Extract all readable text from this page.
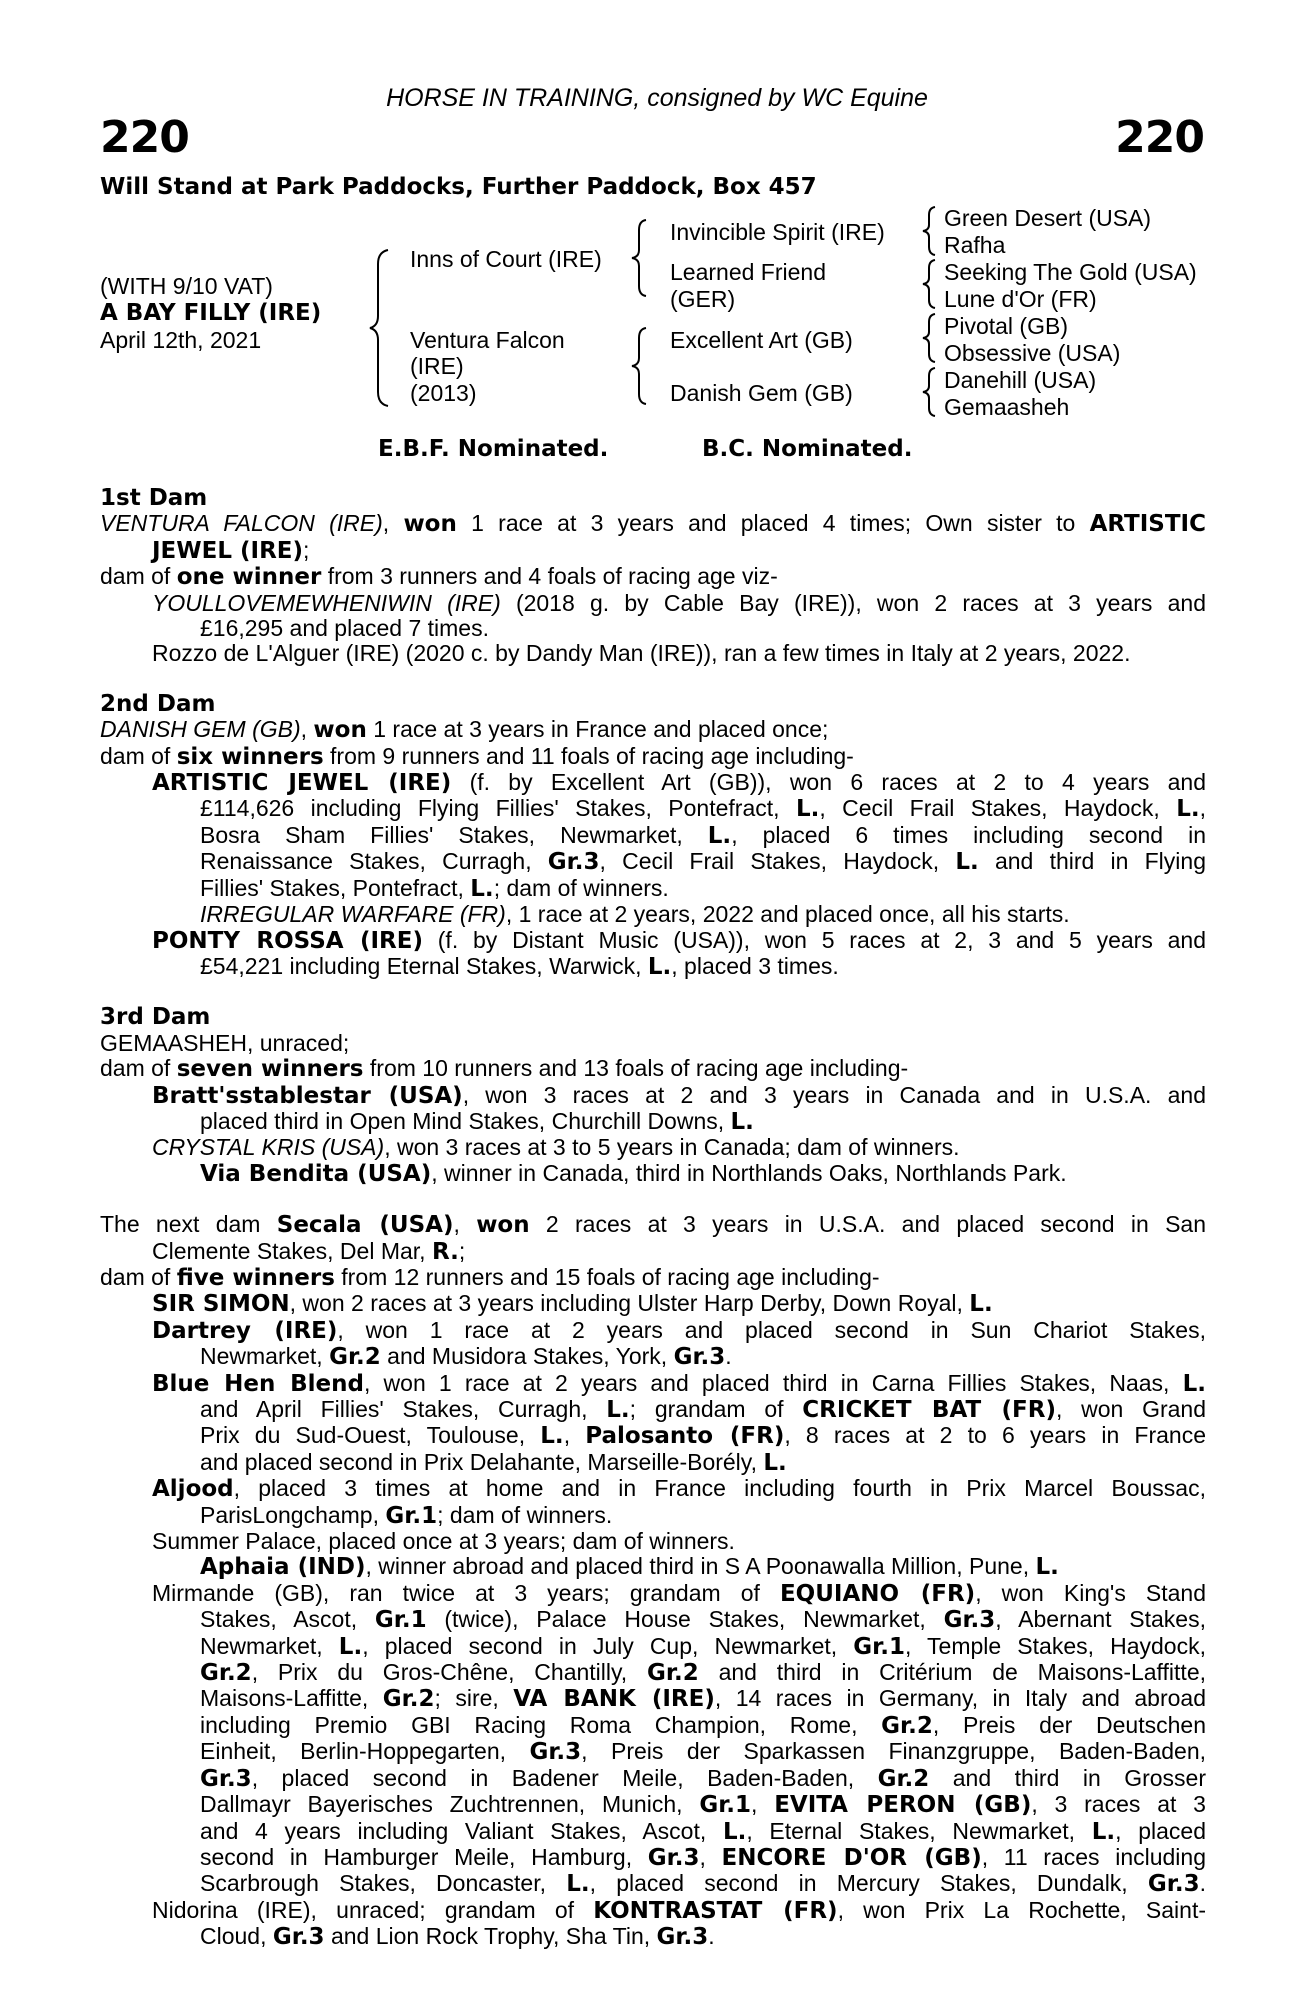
HORSE IN TRAINING, consigned by WC Equine
220	220
Will Stand at Park Paddocks, Further Paddock, Box 457
(WITH 9/10 VAT)
A BAY FILLY (IRE)
April 12th, 2021
Inns of Court (IRE)
Ventura Falcon
(IRE)
(2013)
Invincible Spirit (IRE)
Learned Friend
(GER)
Excellent Art (GB)
Danish Gem (GB)
Green Desert (USA)
Rafha
Seeking The Gold (USA)
Lune d'Or (FR)
Pivotal (GB)
Obsessive (USA)
Danehill (USA)
Gemaasheh
E.B.F. Nominated.	B.C. Nominated.
1st Dam
VENTURA FALCON (IRE), won 1 race at 3 years and placed 4 times; Own sister to ARTISTIC
JEWEL (IRE);
dam of one winner from 3 runners and 4 foals of racing age viz-
YOULLOVEMEWHENIWIN (IRE) (2018 g. by Cable Bay (IRE)), won 2 races at 3 years and
£16,295 and placed 7 times.
Rozzo de L'Alguer (IRE) (2020 c. by Dandy Man (IRE)), ran a few times in Italy at 2 years, 2022.
2nd Dam
DANISH GEM (GB), won 1 race at 3 years in France and placed once;
dam of six winners from 9 runners and 11 foals of racing age including-
ARTISTIC JEWEL (IRE) (f. by Excellent Art (GB)), won 6 races at 2 to 4 years and
£114,626 including Flying Fillies' Stakes, Pontefract, L., Cecil Frail Stakes, Haydock, L.,
Bosra Sham Fillies' Stakes, Newmarket, L., placed 6 times including second in
Renaissance Stakes, Curragh, Gr.3, Cecil Frail Stakes, Haydock, L. and third in Flying
Fillies' Stakes, Pontefract, L.; dam of winners.
IRREGULAR WARFARE (FR), 1 race at 2 years, 2022 and placed once, all his starts.
PONTY ROSSA (IRE) (f. by Distant Music (USA)), won 5 races at 2, 3 and 5 years and
£54,221 including Eternal Stakes, Warwick, L., placed 3 times.
3rd Dam
GEMAASHEH, unraced;
dam of seven winners from 10 runners and 13 foals of racing age including-
Bratt'sstablestar (USA), won 3 races at 2 and 3 years in Canada and in U.S.A. and
placed third in Open Mind Stakes, Churchill Downs, L.
CRYSTAL KRIS (USA), won 3 races at 3 to 5 years in Canada; dam of winners.
Via Bendita (USA), winner in Canada, third in Northlands Oaks, Northlands Park.
The next dam Secala (USA), won 2 races at 3 years in U.S.A. and placed second in San
Clemente Stakes, Del Mar, R.;
dam of five winners from 12 runners and 15 foals of racing age including-
SIR SIMON, won 2 races at 3 years including Ulster Harp Derby, Down Royal, L.
Dartrey (IRE), won 1 race at 2 years and placed second in Sun Chariot Stakes,
Newmarket, Gr.2 and Musidora Stakes, York, Gr.3.
Blue Hen Blend, won 1 race at 2 years and placed third in Carna Fillies Stakes, Naas, L.
and April Fillies' Stakes, Curragh, L.; grandam of CRICKET BAT (FR), won Grand
Prix du Sud-Ouest, Toulouse, L., Palosanto (FR), 8 races at 2 to 6 years in France
and placed second in Prix Delahante, Marseille-Borély, L.
Aljood, placed 3 times at home and in France including fourth in Prix Marcel Boussac,
ParisLongchamp, Gr.1; dam of winners.
Summer Palace, placed once at 3 years; dam of winners.
Aphaia (IND), winner abroad and placed third in S A Poonawalla Million, Pune, L.
Mirmande (GB), ran twice at 3 years; grandam of EQUIANO (FR), won King's Stand
Stakes, Ascot, Gr.1 (twice), Palace House Stakes, Newmarket, Gr.3, Abernant Stakes,
Newmarket, L., placed second in July Cup, Newmarket, Gr.1, Temple Stakes, Haydock,
Gr.2, Prix du Gros-Chêne, Chantilly, Gr.2 and third in Critérium de Maisons-Laffitte,
Maisons-Laffitte, Gr.2; sire, VA BANK (IRE), 14 races in Germany, in Italy and abroad
including Premio GBI Racing Roma Champion, Rome, Gr.2, Preis der Deutschen
Einheit, Berlin-Hoppegarten, Gr.3, Preis der Sparkassen Finanzgruppe, Baden-Baden,
Gr.3, placed second in Badener Meile, Baden-Baden, Gr.2 and third in Grosser
Dallmayr Bayerisches Zuchtrennen, Munich, Gr.1, EVITA PERON (GB), 3 races at 3
and 4 years including Valiant Stakes, Ascot, L., Eternal Stakes, Newmarket, L., placed
second in Hamburger Meile, Hamburg, Gr.3, ENCORE D'OR (GB), 11 races including
Scarbrough Stakes, Doncaster, L., placed second in Mercury Stakes, Dundalk, Gr.3.
Nidorina (IRE), unraced; grandam of KONTRASTAT (FR), won Prix La Rochette, Saint-
Cloud, Gr.3 and Lion Rock Trophy, Sha Tin, Gr.3.
